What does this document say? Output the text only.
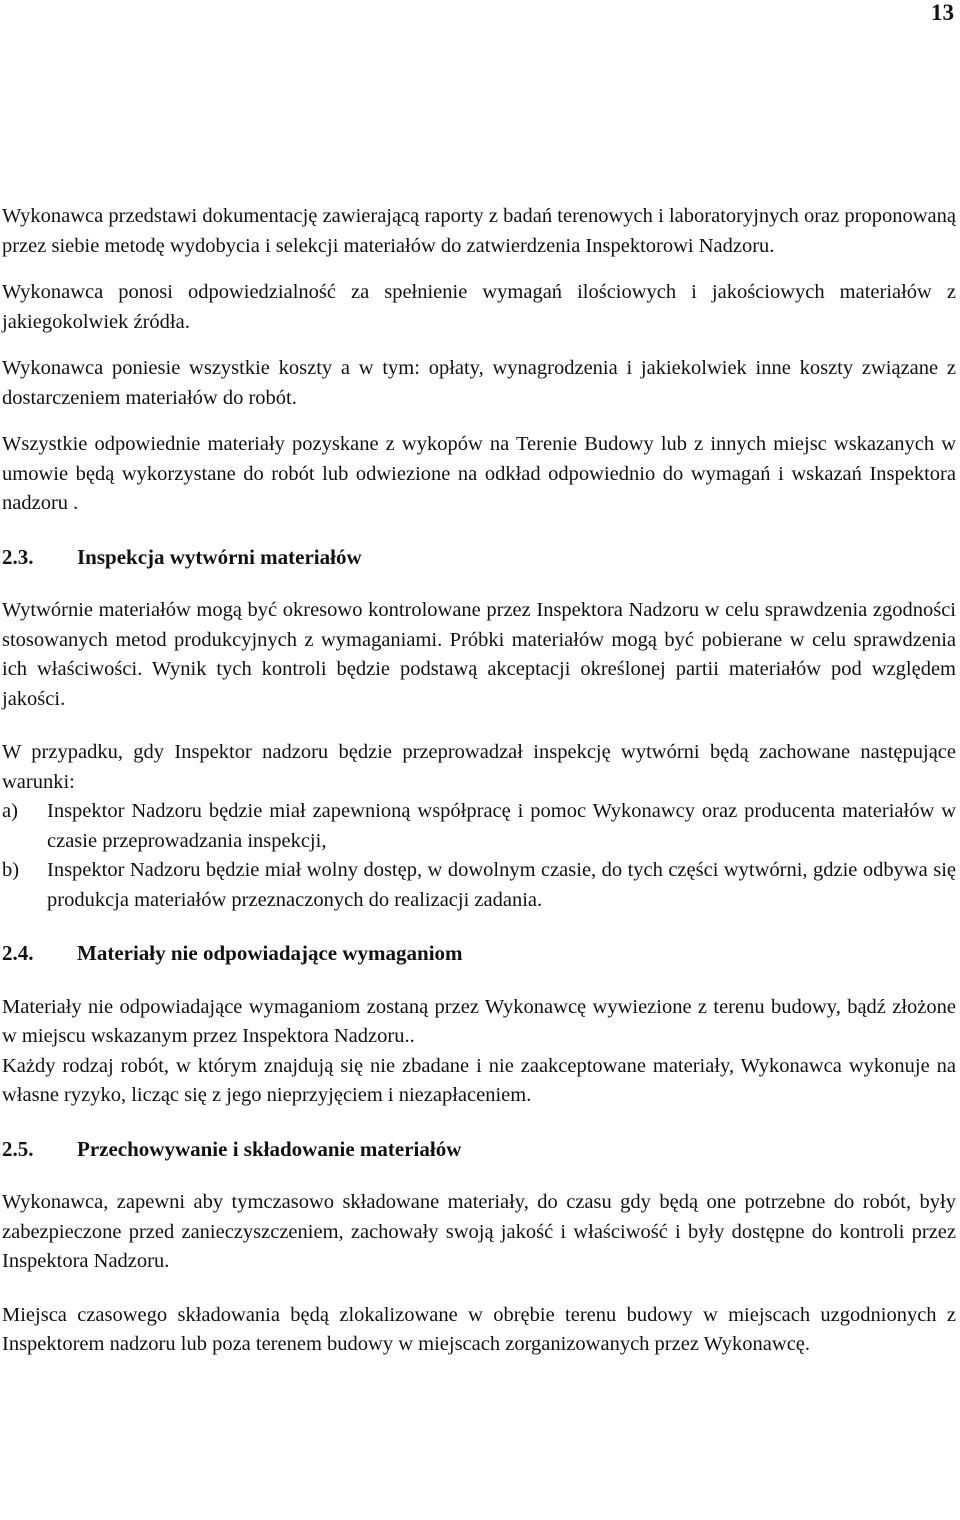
13

Wykonawca przedstawi dokumentację zawierającą raporty z badań terenowych i laboratoryjnych oraz proponowaną przez siebie metodę wydobycia i selekcji materiałów do zatwierdzenia Inspektorowi Nadzoru.

Wykonawca ponosi odpowiedzialność za spełnienie wymagań ilościowych i jakościowych materiałów z jakiegokolwiek źródła.

Wykonawca poniesie wszystkie koszty a w tym: opłaty, wynagrodzenia i jakiekolwiek inne koszty związane z dostarczeniem materiałów do robót.

Wszystkie odpowiednie materiały pozyskane z wykopów na Terenie Budowy lub z innych miejsc wskazanych w umowie będą wykorzystane do robót lub odwiezione na odkład odpowiednio do wymagań i wskazań Inspektora nadzoru .

2.3.	Inspekcja wytwórni materiałów

Wytwórnie materiałów mogą być okresowo kontrolowane przez Inspektora Nadzoru w celu sprawdzenia zgodności stosowanych metod produkcyjnych z wymaganiami. Próbki materiałów mogą być pobierane w celu sprawdzenia ich właściwości. Wynik tych kontroli będzie podstawą akceptacji określonej partii materiałów pod względem jakości.

W przypadku, gdy Inspektor nadzoru będzie przeprowadzał inspekcję wytwórni będą zachowane następujące warunki:

a)	Inspektor Nadzoru będzie miał zapewnioną współpracę i pomoc Wykonawcy oraz producenta materiałów w czasie przeprowadzania inspekcji,
b)	Inspektor Nadzoru będzie miał wolny dostęp, w dowolnym czasie, do tych części wytwórni, gdzie odbywa się produkcja materiałów przeznaczonych do realizacji zadania.
2.4.	Materiały nie odpowiadające wymaganiom

Materiały nie odpowiadające wymaganiom zostaną przez Wykonawcę wywiezione z terenu budowy, bądź złożone w miejscu wskazanym przez Inspektora Nadzoru..

Każdy rodzaj robót, w którym znajdują się nie zbadane i nie zaakceptowane materiały, Wykonawca wykonuje na własne ryzyko, licząc się z jego nieprzyjęciem i niezapłaceniem.

2.5.	Przechowywanie i składowanie materiałów

Wykonawca, zapewni aby tymczasowo składowane materiały, do czasu gdy będą one potrzebne do robót, były zabezpieczone przed zanieczyszczeniem, zachowały swoją jakość i właściwość i były dostępne do kontroli przez Inspektora Nadzoru.

Miejsca czasowego składowania będą zlokalizowane w obrębie terenu budowy w miejscach uzgodnionych z Inspektorem nadzoru lub poza terenem budowy w miejscach zorganizowanych przez Wykonawcę.
